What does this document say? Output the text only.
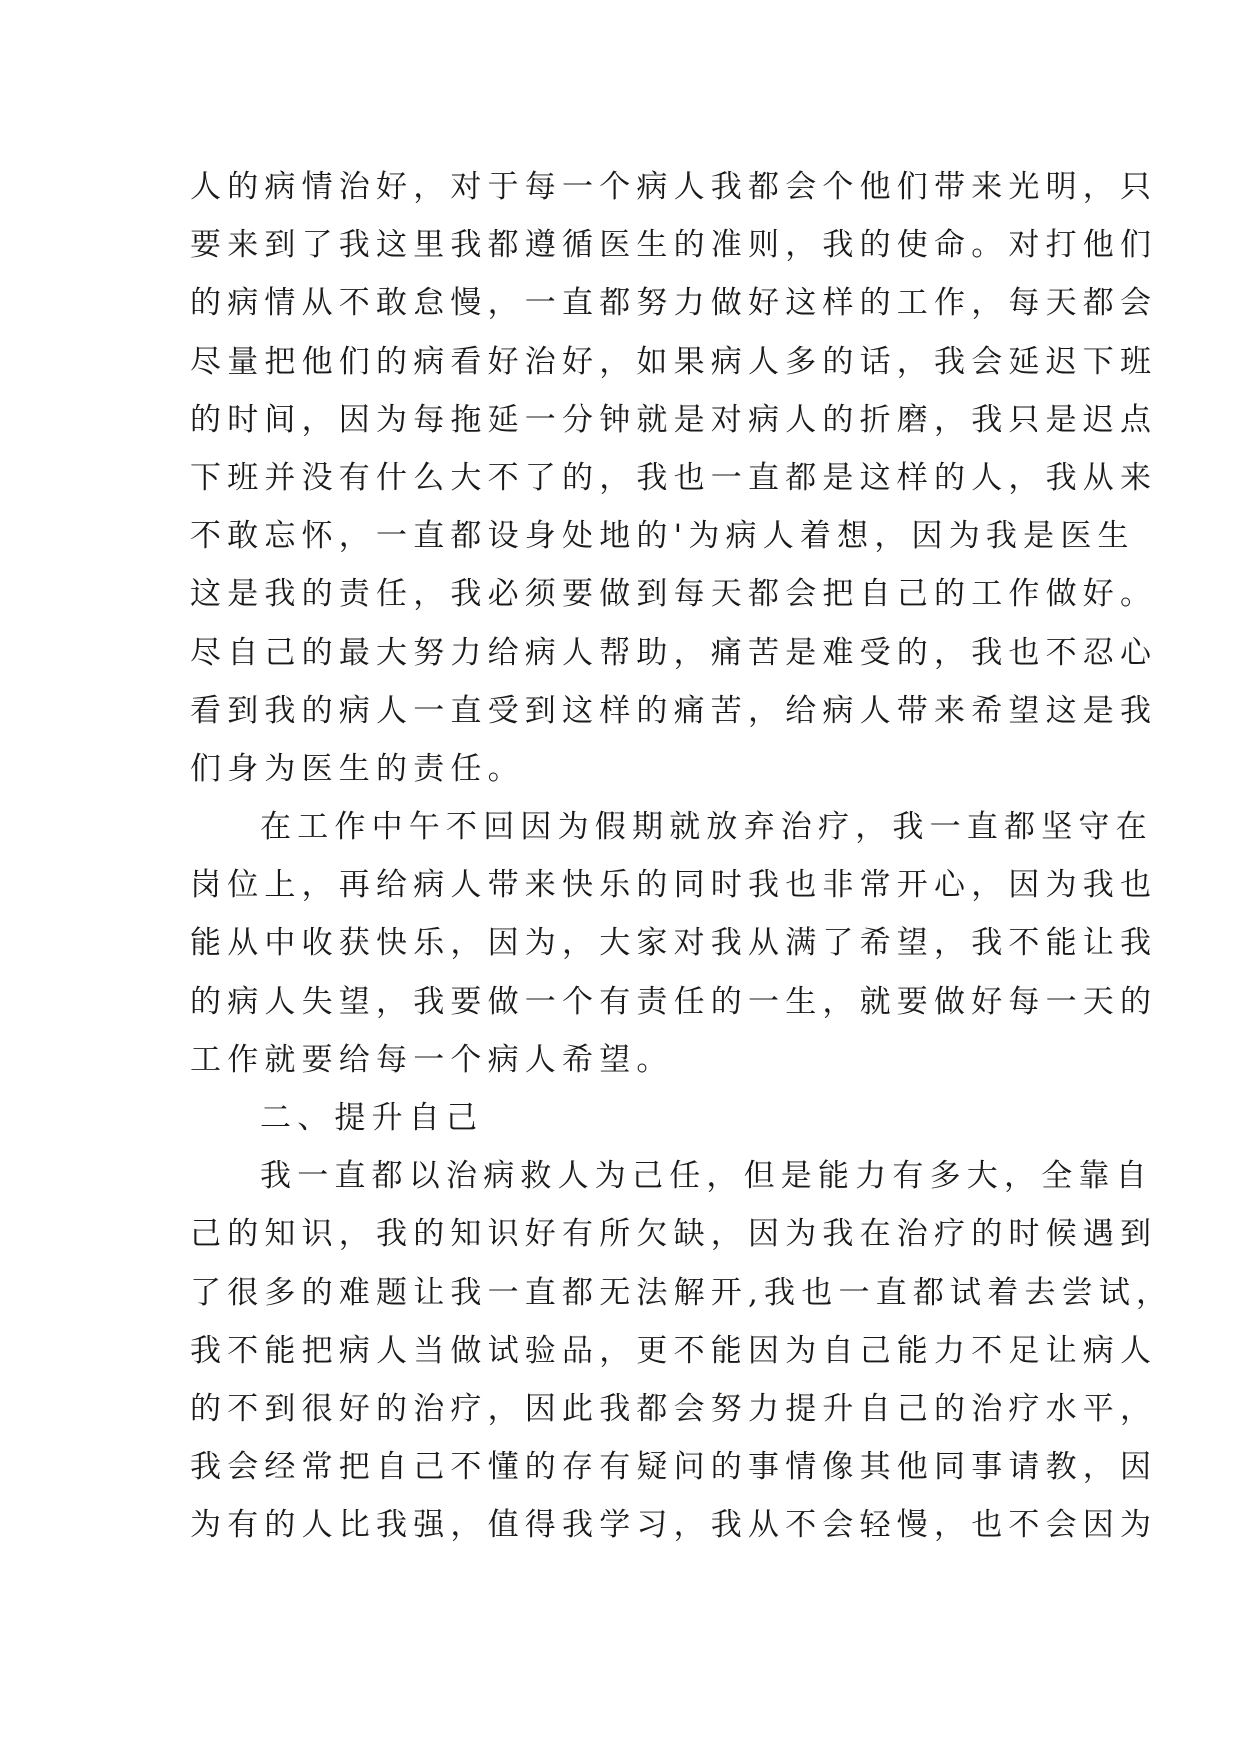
人的病情治好，对于每一个病人我都会个他们带来光明，只
要来到了我这里我都遵循医生的准则，我的使命。对打他们
的病情从不敢怠慢，一直都努力做好这样的工作，每天都会
尽量把他们的病看好治好，如果病人多的话，我会延迟下班
的时间，因为每拖延一分钟就是对病人的折磨，我只是迟点
下班并没有什么大不了的，我也一直都是这样的人，我从来
不敢忘怀，一直都设身处地的'为病人着想，因为我是医生
这是我的责任，我必须要做到每天都会把自己的工作做好。
尽自己的最大努力给病人帮助，痛苦是难受的，我也不忍心
看到我的病人一直受到这样的痛苦，给病人带来希望这是我
们身为医生的责任。
在工作中午不回因为假期就放弃治疗，我一直都坚守在
岗位上，再给病人带来快乐的同时我也非常开心，因为我也
能从中收获快乐，因为，大家对我从满了希望，我不能让我
的病人失望，我要做一个有责任的一生，就要做好每一天的
工作就要给每一个病人希望。
二、提升自己
我一直都以治病救人为己任，但是能力有多大，全靠自
己的知识，我的知识好有所欠缺，因为我在治疗的时候遇到
了很多的难题让我一直都无法解开,我也一直都试着去尝试，
我不能把病人当做试验品，更不能因为自己能力不足让病人
的不到很好的治疗，因此我都会努力提升自己的治疗水平，
我会经常把自己不懂的存有疑问的事情像其他同事请教，因
为有的人比我强，值得我学习，我从不会轻慢，也不会因为
